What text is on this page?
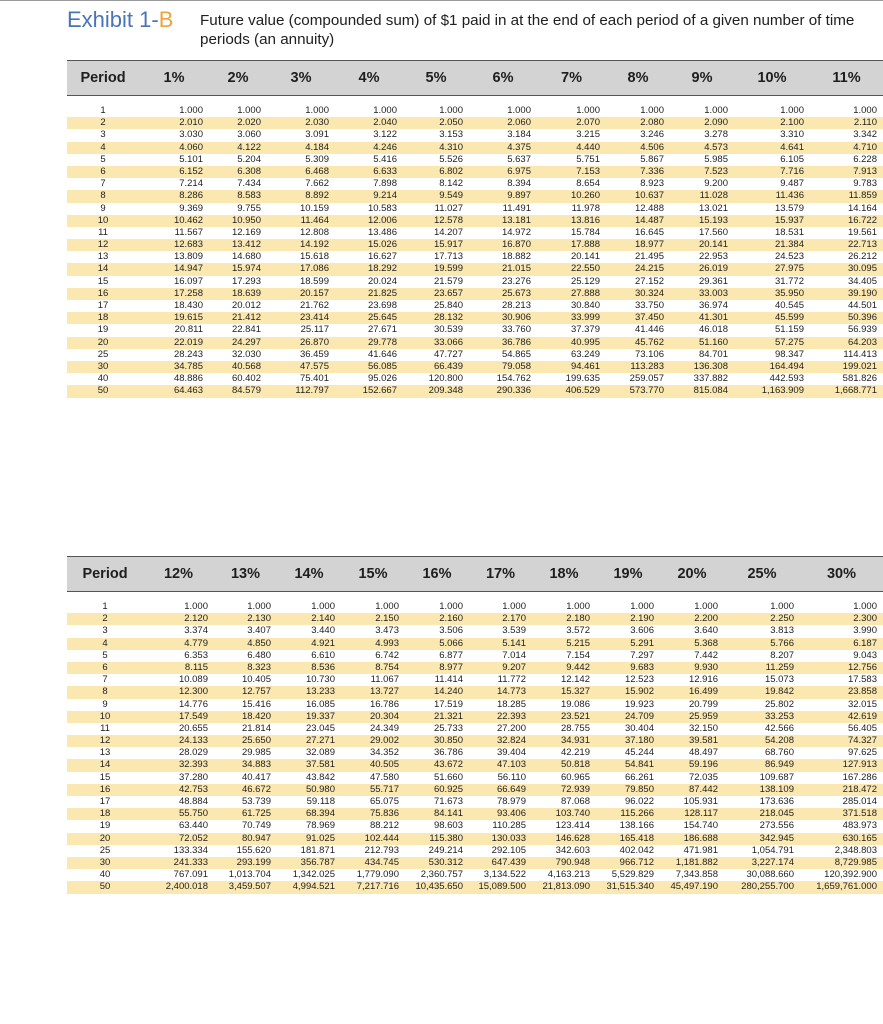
Exhibit 1-B Future value (compounded sum) of $1 paid in at the end of each period of a given number of time periods (an annuity)
Period	1%	2%	3%	4%	5%	6%	7%	8%	9%	10%	11%
1	1.000	1.000	1.000	1.000	1.000	1.000	1.000	1.000	1.000	1.000	1.000
2	2.010	2.020	2.030	2.040	2.050	2.060	2.070	2.080	2.090	2.100	2.110
3	3.030	3.060	3.091	3.122	3.153	3.184	3.215	3.246	3.278	3.310	3.342
4	4.060	4.122	4.184	4.246	4.310	4.375	4.440	4.506	4.573	4.641	4.710
5	5.101	5.204	5.309	5.416	5.526	5.637	5.751	5.867	5.985	6.105	6.228
6	6.152	6.308	6.468	6.633	6.802	6.975	7.153	7.336	7.523	7.716	7.913
7	7.214	7.434	7.662	7.898	8.142	8.394	8.654	8.923	9.200	9.487	9.783
8	8.286	8.583	8.892	9.214	9.549	9.897	10.260	10.637	11.028	11.436	11.859
9	9.369	9.755	10.159	10.583	11.027	11.491	11.978	12.488	13.021	13.579	14.164
10	10.462	10.950	11.464	12.006	12.578	13.181	13.816	14.487	15.193	15.937	16.722
11	11.567	12.169	12.808	13.486	14.207	14.972	15.784	16.645	17.560	18.531	19.561
12	12.683	13.412	14.192	15.026	15.917	16.870	17.888	18.977	20.141	21.384	22.713
13	13.809	14.680	15.618	16.627	17.713	18.882	20.141	21.495	22.953	24.523	26.212
14	14.947	15.974	17.086	18.292	19.599	21.015	22.550	24.215	26.019	27.975	30.095
15	16.097	17.293	18.599	20.024	21.579	23.276	25.129	27.152	29.361	31.772	34.405
16	17.258	18.639	20.157	21.825	23.657	25.673	27.888	30.324	33.003	35.950	39.190
17	18.430	20.012	21.762	23.698	25.840	28.213	30.840	33.750	36.974	40.545	44.501
18	19.615	21.412	23.414	25.645	28.132	30.906	33.999	37.450	41.301	45.599	50.396
19	20.811	22.841	25.117	27.671	30.539	33.760	37.379	41.446	46.018	51.159	56.939
20	22.019	24.297	26.870	29.778	33.066	36.786	40.995	45.762	51.160	57.275	64.203
25	28.243	32.030	36.459	41.646	47.727	54.865	63.249	73.106	84.701	98.347	114.413
30	34.785	40.568	47.575	56.085	66.439	79.058	94.461	113.283	136.308	164.494	199.021
40	48.886	60.402	75.401	95.026	120.800	154.762	199.635	259.057	337.882	442.593	581.826
50	64.463	84.579	112.797	152.667	209.348	290.336	406.529	573.770	815.084	1,163.909	1,668.771
Period	12%	13%	14%	15%	16%	17%	18%	19%	20%	25%	30%
1	1.000	1.000	1.000	1.000	1.000	1.000	1.000	1.000	1.000	1.000	1.000
2	2.120	2.130	2.140	2.150	2.160	2.170	2.180	2.190	2.200	2.250	2.300
3	3.374	3.407	3.440	3.473	3.506	3.539	3.572	3.606	3.640	3.813	3.990
4	4.779	4.850	4.921	4.993	5.066	5.141	5.215	5.291	5.368	5.766	6.187
5	6.353	6.480	6.610	6.742	6.877	7.014	7.154	7.297	7.442	8.207	9.043
6	8.115	8.323	8.536	8.754	8.977	9.207	9.442	9.683	9.930	11.259	12.756
7	10.089	10.405	10.730	11.067	11.414	11.772	12.142	12.523	12.916	15.073	17.583
8	12.300	12.757	13.233	13.727	14.240	14.773	15.327	15.902	16.499	19.842	23.858
9	14.776	15.416	16.085	16.786	17.519	18.285	19.086	19.923	20.799	25.802	32.015
10	17.549	18.420	19.337	20.304	21.321	22.393	23.521	24.709	25.959	33.253	42.619
11	20.655	21.814	23.045	24.349	25.733	27.200	28.755	30.404	32.150	42.566	56.405
12	24.133	25.650	27.271	29.002	30.850	32.824	34.931	37.180	39.581	54.208	74.327
13	28.029	29.985	32.089	34.352	36.786	39.404	42.219	45.244	48.497	68.760	97.625
14	32.393	34.883	37.581	40.505	43.672	47.103	50.818	54.841	59.196	86.949	127.913
15	37.280	40.417	43.842	47.580	51.660	56.110	60.965	66.261	72.035	109.687	167.286
16	42.753	46.672	50.980	55.717	60.925	66.649	72.939	79.850	87.442	138.109	218.472
17	48.884	53.739	59.118	65.075	71.673	78.979	87.068	96.022	105.931	173.636	285.014
18	55.750	61.725	68.394	75.836	84.141	93.406	103.740	115.266	128.117	218.045	371.518
19	63.440	70.749	78.969	88.212	98.603	110.285	123.414	138.166	154.740	273.556	483.973
20	72.052	80.947	91.025	102.444	115.380	130.033	146.628	165.418	186.688	342.945	630.165
25	133.334	155.620	181.871	212.793	249.214	292.105	342.603	402.042	471.981	1,054.791	2,348.803
30	241.333	293.199	356.787	434.745	530.312	647.439	790.948	966.712	1,181.882	3,227.174	8,729.985
40	767.091	1,013.704	1,342.025	1,779.090	2,360.757	3,134.522	4,163.213	5,529.829	7,343.858	30,088.660	120,392.900
50	2,400.018	3,459.507	4,994.521	7,217.716	10,435.650	15,089.500	21,813.090	31,515.340	45,497.190	280,255.700	1,659,761.000
